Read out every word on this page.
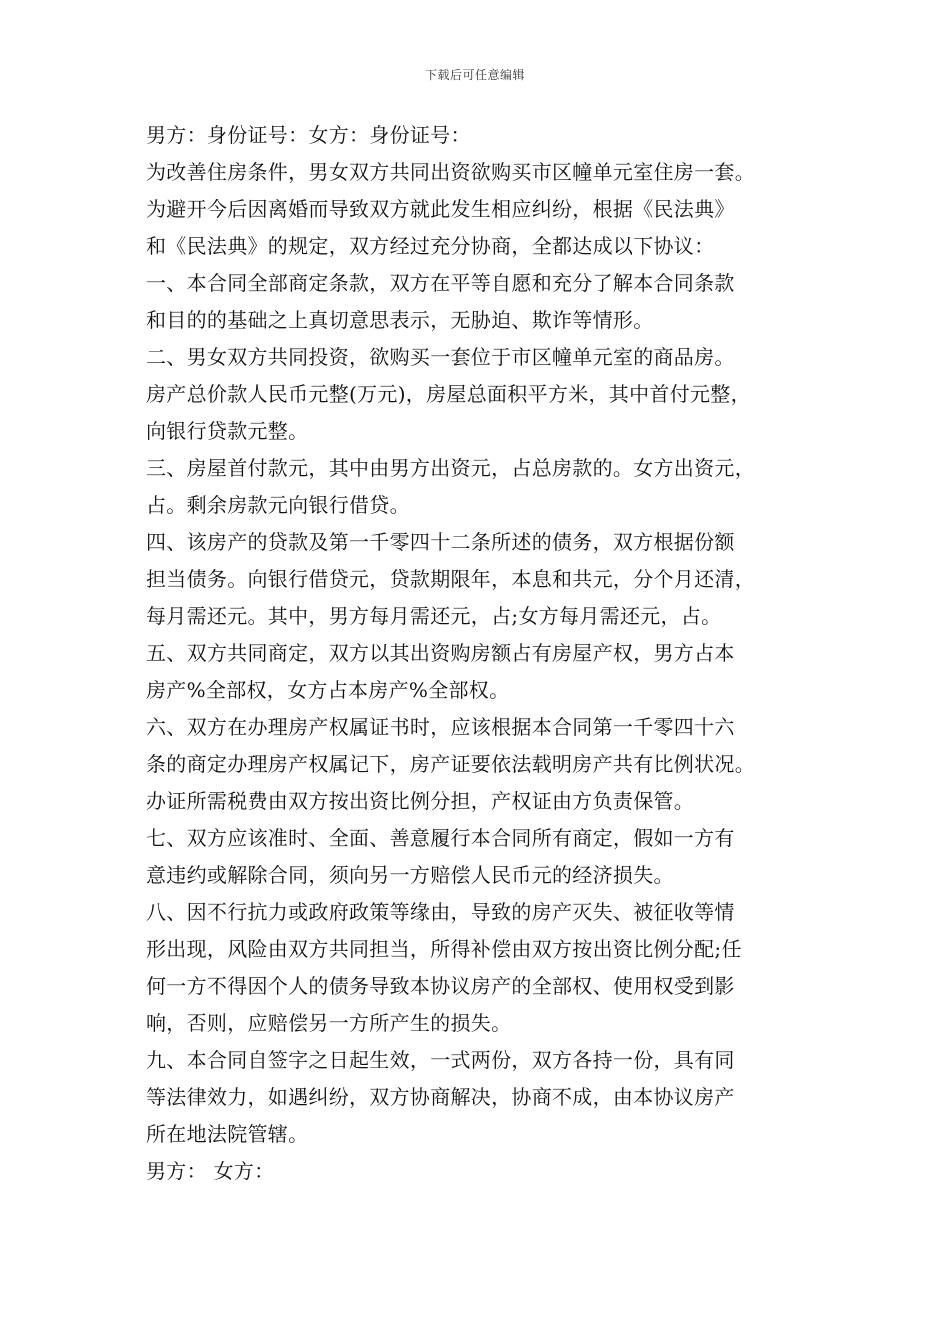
下载后可任意编辑
男方：身份证号：女方：身份证号：
为改善住房条件，男女双方共同出资欲购买市区幢单元室住房一套。
为避开今后因离婚而导致双方就此发生相应纠纷，根据《民法典》
和《民法典》的规定，双方经过充分协商，全都达成以下协议：
一、本合同全部商定条款，双方在平等自愿和充分了解本合同条款
和目的的基础之上真切意思表示，无胁迫、欺诈等情形。
二、男女双方共同投资，欲购买一套位于市区幢单元室的商品房。
房产总价款人民币元整(万元)，房屋总面积平方米，其中首付元整，
向银行贷款元整。
三、房屋首付款元，其中由男方出资元，占总房款的。女方出资元，
占。剩余房款元向银行借贷。
四、该房产的贷款及第一千零四十二条所述的债务，双方根据份额
担当债务。向银行借贷元，贷款期限年，本息和共元，分个月还清，
每月需还元。其中，男方每月需还元，占;女方每月需还元，占。
五、双方共同商定，双方以其出资购房额占有房屋产权，男方占本
房产%全部权，女方占本房产%全部权。
六、双方在办理房产权属证书时，应该根据本合同第一千零四十六
条的商定办理房产权属记下，房产证要依法载明房产共有比例状况。
办证所需税费由双方按出资比例分担，产权证由方负责保管。
七、双方应该准时、全面、善意履行本合同所有商定，假如一方有
意违约或解除合同，须向另一方赔偿人民币元的经济损失。
八、因不行抗力或政府政策等缘由，导致的房产灭失、被征收等情
形出现，风险由双方共同担当，所得补偿由双方按出资比例分配;任
何一方不得因个人的债务导致本协议房产的全部权、使用权受到影
响，否则，应赔偿另一方所产生的损失。
九、本合同自签字之日起生效，一式两份，双方各持一份，具有同
等法律效力，如遇纠纷，双方协商解决，协商不成，由本协议房产
所在地法院管辖。
男方： 女方：
